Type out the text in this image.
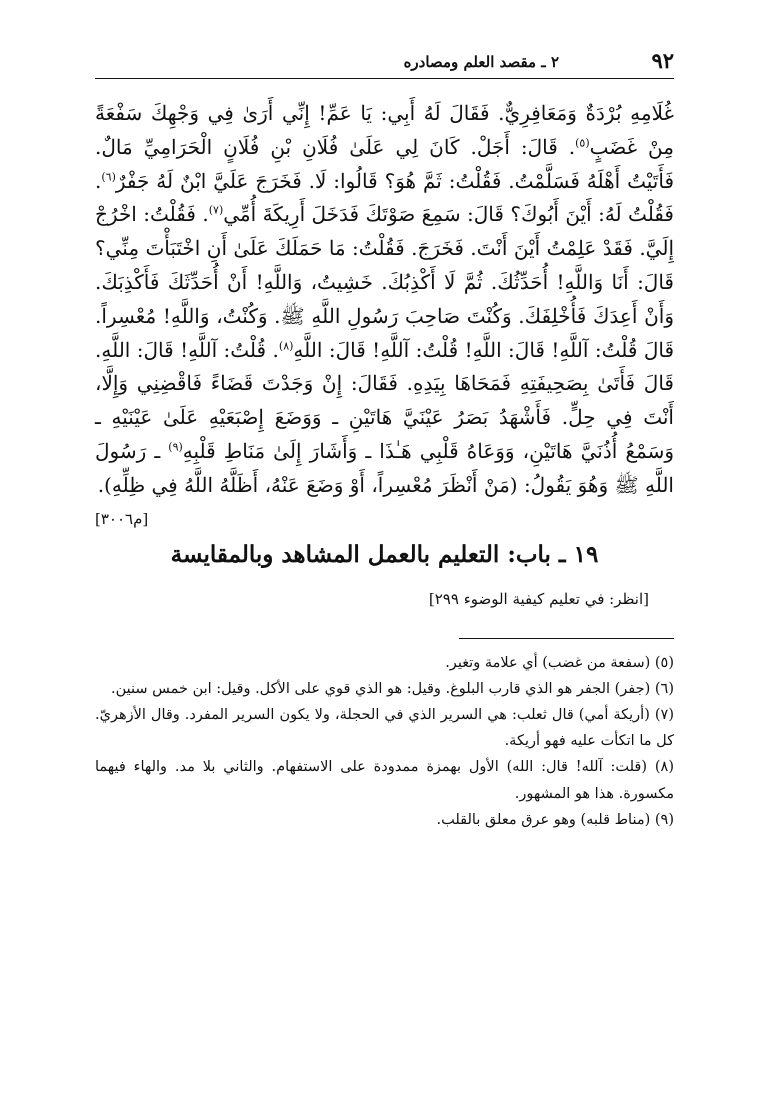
٩٢
٢ ـ مقصد العلم ومصادره

غُلَامِهِ بُرْدَةٌ وَمَعَافِرِيٌّ. فَقَالَ لَهُ أَبِي: يَا عَمِّ! إِنِّي أَرَىٰ فِي وَجْهِكَ سَفْعَةً مِنْ غَضَبٍ$^{(٥)}$. قَالَ: أَجَلْ. كَانَ لِي عَلَىٰ فُلَانِ بْنِ فُلَانٍ الْحَرَامِيِّ مَالٌ. فَأَتَيْتُ أَهْلَهُ فَسَلَّمْتُ. فَقُلْتُ: ثَمَّ هُوَ؟ قَالُوا: لَا. فَخَرَجَ عَلَيَّ ابْنٌ لَهُ جَفْرٌ$^{(٦)}$. فَقُلْتُ لَهُ: أَيْنَ أَبُوكَ؟ قَالَ: سَمِعَ صَوْتَكَ فَدَخَلَ أَرِيكَةَ أُمِّي$^{(٧)}$. فَقُلْتُ: اخْرُجْ إِلَيَّ. فَقَدْ عَلِمْتُ أَيْنَ أَنْتَ. فَخَرَجَ. فَقُلْتُ: مَا حَمَلَكَ عَلَىٰ أَنِ اخْتَبَأْتَ مِنِّي؟ قَالَ: أَنَا وَاللَّهِ! أُحَدِّثُكَ. ثُمَّ لَا أَكْذِبُكَ. خَشِيتُ، وَاللَّهِ! أَنْ أُحَدِّثَكَ فَأَكْذِبَكَ. وَأَنْ أَعِدَكَ فَأُخْلِفَكَ. وَكُنْتَ صَاحِبَ رَسُولِ اللَّهِ ﷺ. وَكُنْتُ، وَاللَّهِ! مُعْسِراً. قَالَ قُلْتُ: آللَّهِ! قَالَ: اللَّهِ! قُلْتُ: آللَّهِ! قَالَ: اللَّهِ$^{(٨)}$. قُلْتُ: آللَّهِ! قَالَ: اللَّهِ. قَالَ فَأَتَىٰ بِصَحِيفَتِهِ فَمَحَاهَا بِيَدِهِ. فَقَالَ: إِنْ وَجَدْتَ قَضَاءً فَاقْضِنِي وَإِلَّا، أَنْتَ فِي حِلٍّ. فَأَشْهَدُ بَصَرُ عَيْنَيَّ هَاتَيْنِ ـ وَوَضَعَ إِصْبَعَيْهِ عَلَىٰ عَيْنَيْهِ ـ وَسَمْعُ أُذُنَيَّ هَاتَيْنِ، وَوَعَاهُ قَلْبِي هَـٰذَا ـ وَأَشَارَ إِلَىٰ مَنَاطِ قَلْبِهِ$^{(٩)}$ ـ رَسُولَ اللَّهِ ﷺ وَهُوَ يَقُولُ: (مَنْ أَنْظَرَ مُعْسِراً، أَوْ وَضَعَ عَنْهُ، أَظَلَّهُ اللَّهُ فِي ظِلِّهِ).
[م٣٠٠٦]

١٩ ـ باب: التعليم بالعمل المشاهد وبالمقايسة
[انظر: في تعليم كيفية الوضوء ٢٩٩]

(٥) (سفعة من غضب) أي علامة وتغير.

(٦) (جفر) الجفر هو الذي قارب البلوغ. وقيل: هو الذي قوي على الأكل. وقيل: ابن خمس سنين.

(٧) (أريكة أمي) قال ثعلب: هي السرير الذي في الحجلة، ولا يكون السرير المفرد. وقال الأزهريّ. كل ما اتكأت عليه فهو أريكة.

(٨) (قلت: آلله! قال: الله) الأول بهمزة ممدودة على الاستفهام. والثاني بلا مد. والهاء فيهما مكسورة. هذا هو المشهور.

(٩) (مناط قلبه) وهو عرق معلق بالقلب.
